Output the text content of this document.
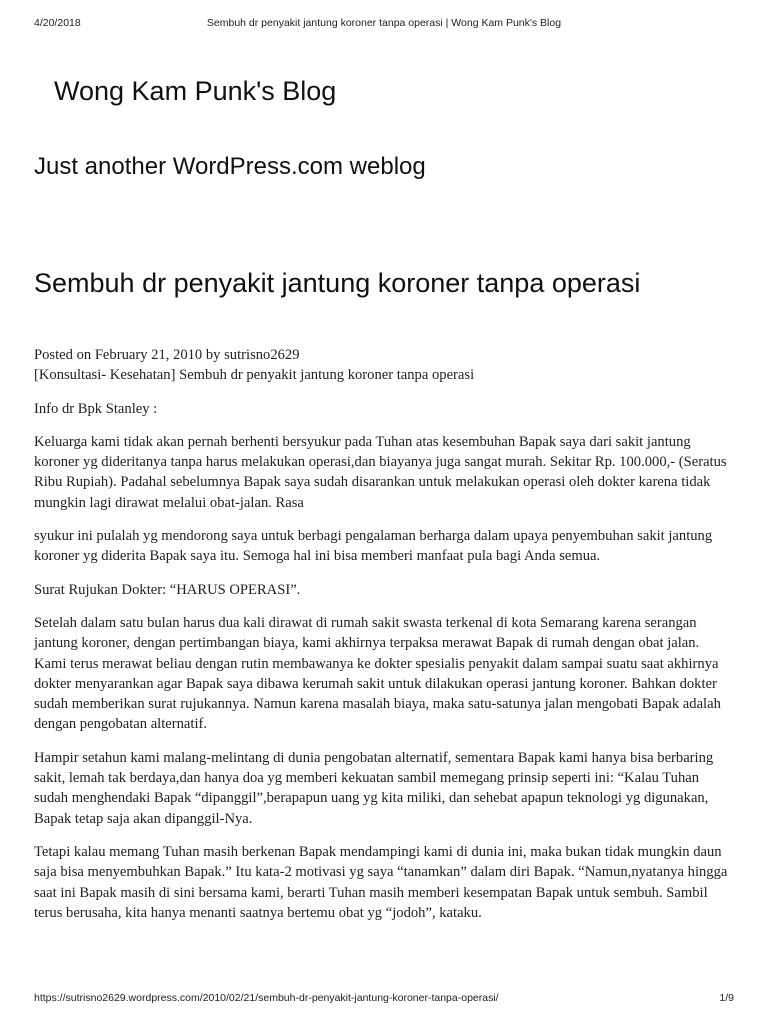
4/20/2018	Sembuh dr penyakit jantung koroner tanpa operasi | Wong Kam Punk's Blog
Wong Kam Punk's Blog
Just another WordPress.com weblog
Sembuh dr penyakit jantung koroner tanpa operasi
Posted on February 21, 2010 by sutrisno2629

[Konsultasi- Kesehatan] Sembuh dr penyakit jantung koroner tanpa operasi

Info dr Bpk Stanley :

Keluarga kami tidak akan pernah berhenti bersyukur pada Tuhan atas kesembuhan Bapak saya dari sakit jantung koroner yg dideritanya tanpa harus melakukan operasi,dan biayanya juga sangat murah. Sekitar Rp. 100.000,- (Seratus Ribu Rupiah). Padahal sebelumnya Bapak saya sudah disarankan untuk melakukan operasi oleh dokter karena tidak mungkin lagi dirawat melalui obat-jalan. Rasa

syukur ini pulalah yg mendorong saya untuk berbagi pengalaman berharga dalam upaya penyembuhan sakit jantung koroner yg diderita Bapak saya itu. Semoga hal ini bisa memberi manfaat pula bagi Anda semua.

Surat Rujukan Dokter: “HARUS OPERASI”.

Setelah dalam satu bulan harus dua kali dirawat di rumah sakit swasta terkenal di kota Semarang karena serangan jantung koroner, dengan pertimbangan biaya, kami akhirnya terpaksa merawat Bapak di rumah dengan obat jalan. Kami terus merawat beliau dengan rutin membawanya ke dokter spesialis penyakit dalam sampai suatu saat akhirnya dokter menyarankan agar Bapak saya dibawa kerumah sakit untuk dilakukan operasi jantung koroner. Bahkan dokter sudah memberikan surat rujukannya. Namun karena masalah biaya, maka satu-satunya jalan mengobati Bapak adalah dengan pengobatan alternatif.

Hampir setahun kami malang-melintang di dunia pengobatan alternatif, sementara Bapak kami hanya bisa berbaring sakit, lemah tak berdaya,dan hanya doa yg memberi kekuatan sambil memegang prinsip seperti ini: “Kalau Tuhan sudah menghendaki Bapak “dipanggil”,berapapun uang yg kita miliki, dan sehebat apapun teknologi yg digunakan, Bapak tetap saja akan dipanggil-Nya.

Tetapi kalau memang Tuhan masih berkenan Bapak mendampingi kami di dunia ini, maka bukan tidak mungkin daun saja bisa menyembuhkan Bapak.” Itu kata-2 motivasi yg saya “tanamkan” dalam diri Bapak. “Namun,nyatanya hingga saat ini Bapak masih di sini bersama kami, berarti Tuhan masih memberi kesempatan Bapak untuk sembuh. Sambil terus berusaha, kita hanya menanti saatnya bertemu obat yg “jodoh”, kataku.

https://sutrisno2629.wordpress.com/2010/02/21/sembuh-dr-penyakit-jantung-koroner-tanpa-operasi/	1/9
